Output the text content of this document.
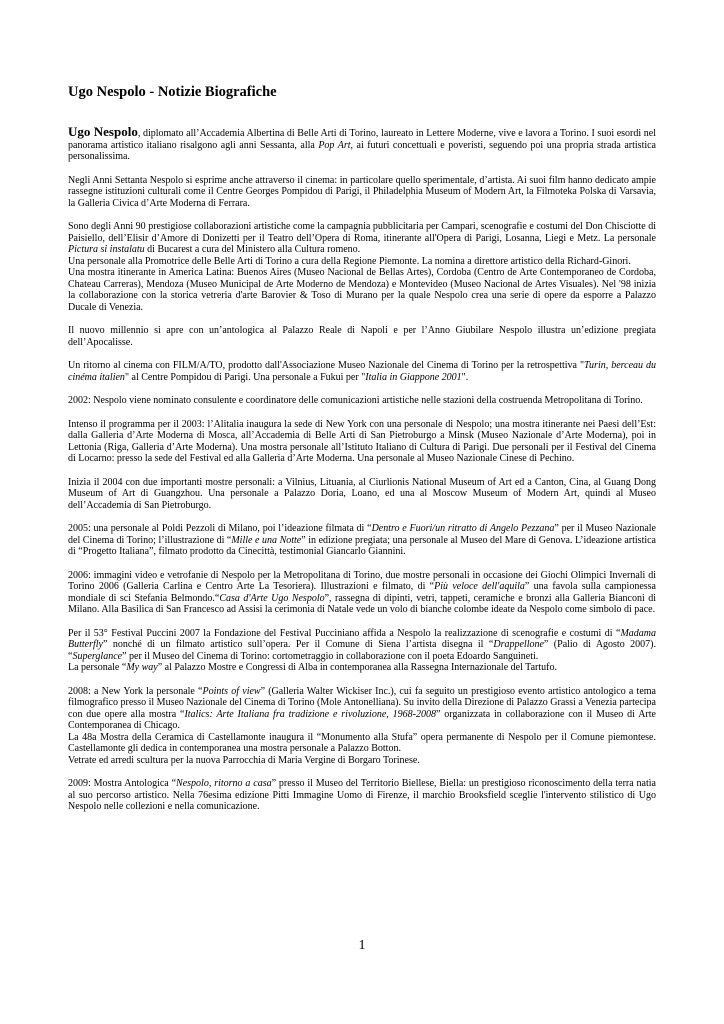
Ugo Nespolo - Notizie Biografiche

Ugo Nespolo, diplomato all’Accademia Albertina di Belle Arti di Torino, laureato in Lettere Moderne, vive e lavora a Torino. I suoi esordi nel panorama artistico italiano risalgono agli anni Sessanta, alla Pop Art, ai futuri concettuali e poveristi, seguendo poi una propria strada artistica personalissima.

Negli Anni Settanta Nespolo si esprime anche attraverso il cinema: in particolare quello sperimentale, d’artista. Ai suoi film hanno dedicato ampie rassegne istituzioni culturali come il Centre Georges Pompidou di Parigi, il Philadelphia Museum of Modern Art, la Filmoteka Polska di Varsavia, la Galleria Civica d’Arte Moderna di Ferrara.

Sono degli Anni 90 prestigiose collaborazioni artistiche come la campagnia pubblicitaria per Campari, scenografie e costumi del Don Chisciotte di Paisiello, dell’Elisir d’Amore di Donizetti per il Teatro dell’Opera di Roma, itinerante all'Opera di Parigi, Losanna, Liegi e Metz. La personale Pictura si instalatu di Bucarest a cura del Ministero alla Cultura romeno.
Una personale alla Promotrice delle Belle Arti di Torino a cura della Regione Piemonte. La nomina a direttore artistico della Richard-Ginori.
Una mostra itinerante in America Latina: Buenos Aires (Museo Nacional de Bellas Artes), Cordoba (Centro de Arte Contemporaneo de Cordoba, Chateau Carreras), Mendoza (Museo Municipal de Arte Moderno de Mendoza) e Montevideo (Museo Nacional de Artes Visuales). Nel '98 inizia la collaborazione con la storica vetreria d'arte Barovier & Toso di Murano per la quale Nespolo crea una serie di opere da esporre a Palazzo Ducale di Venezia.

Il nuovo millennio si apre con un’antologica al Palazzo Reale di Napoli e per l’Anno Giubilare Nespolo illustra un’edizione pregiata dell’Apocalisse.

Un ritorno al cinema con FILM/A/TO, prodotto dall'Associazione Museo Nazionale del Cinema di Torino per la retrospettiva "Turin, berceau du cinéma italien" al Centre Pompidou di Parigi. Una personale a Fukui per "Italia in Giappone 2001".

2002: Nespolo viene nominato consulente e coordinatore delle comunicazioni artistiche nelle stazioni della costruenda Metropolitana di Torino.

Intenso il programma per il 2003: l’Alitalia inaugura la sede di New York con una personale di Nespolo; una mostra itinerante nei Paesi dell’Est: dalla Galleria d’Arte Moderna di Mosca, all’Accademia di Belle Arti di San Pietroburgo a Minsk (Museo Nazionale d’Arte Moderna), poi in Lettonia (Riga, Galleria d’Arte Moderna). Una mostra personale all’Istituto Italiano di Cultura di Parigi. Due personali per il Festival del Cinema di Locarno: presso la sede del Festival ed alla Galleria d’Arte Moderna. Una personale al Museo Nazionale Cinese di Pechino.

Inizia il 2004 con due importanti mostre personali: a Vilnius, Lituania, al Ciurlionis National Museum of Art ed a Canton, Cina, al Guang Dong Museum of Art di Guangzhou. Una personale a Palazzo Doria, Loano, ed una al Moscow Museum of Modern Art, quindi al Museo dell’Accademia di San Pietroburgo.

2005: una personale al Poldi Pezzoli di Milano, poi l’ideazione filmata di “Dentro e Fuori/un ritratto di Angelo Pezzana” per il Museo Nazionale del Cinema di Torino; l’illustrazione di “Mille e una Notte” in edizione pregiata; una personale al Museo del Mare di Genova. L’ideazione artistica di “Progetto Italiana”, filmato prodotto da Cinecittà, testimonial Giancarlo Giannini.

2006: immagini video e vetrofanie di Nespolo per la Metropolitana di Torino, due mostre personali in occasione dei Giochi Olimpici Invernali di Torino 2006 (Galleria Carlina e Centro Arte La Tesoriera). Illustrazioni e filmato, di “Più veloce dell'aquila” una favola sulla campionessa mondiale di sci Stefania Belmondo.“Casa d'Arte Ugo Nespolo”, rassegna di dipinti, vetri, tappeti, ceramiche e bronzi alla Galleria Bianconi di Milano. Alla Basilica di San Francesco ad Assisi la cerimonia di Natale vede un volo di bianche colombe ideate da Nespolo come simbolo di pace.

Per il 53° Festival Puccini 2007 la Fondazione del Festival Pucciniano affida a Nespolo la realizzazione di scenografie e costumi di “Madama Butterfly” nonché di un filmato artistico sull’opera. Per il Comune di Siena l’artista disegna il “Drappellone” (Palio di Agosto 2007). “Superglance” per il Museo del Cinema di Torino: cortometraggio in collaborazione con il poeta Edoardo Sanguineti.
La personale “My way” al Palazzo Mostre e Congressi di Alba in contemporanea alla Rassegna Internazionale del Tartufo.

2008: a New York la personale “Points of view” (Galleria Walter Wickiser Inc.), cui fa seguito un prestigioso evento artistico antologico a tema filmografico presso il Museo Nazionale del Cinema di Torino (Mole Antonelliana). Su invito della Direzione di Palazzo Grassi a Venezia partecipa con due opere alla mostra “Italics: Arte Italiana fra tradizione e rivoluzione, 1968-2008” organizzata in collaborazione con il Museo di Arte Contemporanea di Chicago.
La 48a Mostra della Ceramica di Castellamonte inaugura il “Monumento alla Stufa” opera permanente di Nespolo per il Comune piemontese. Castellamonte gli dedica in contemporanea una mostra personale a Palazzo Botton.
Vetrate ed arredi scultura per la nuova Parrocchia di Maria Vergine di Borgaro Torinese.

2009: Mostra Antologica “Nespolo, ritorno a casa” presso il Museo del Territorio Biellese, Biella: un prestigioso riconoscimento della terra natìa al suo percorso artistico. Nella 76esima edizione Pitti Immagine Uomo di Firenze, il marchio Brooksfield sceglie l'intervento stilistico di Ugo Nespolo nelle collezioni e nella comunicazione.

1
